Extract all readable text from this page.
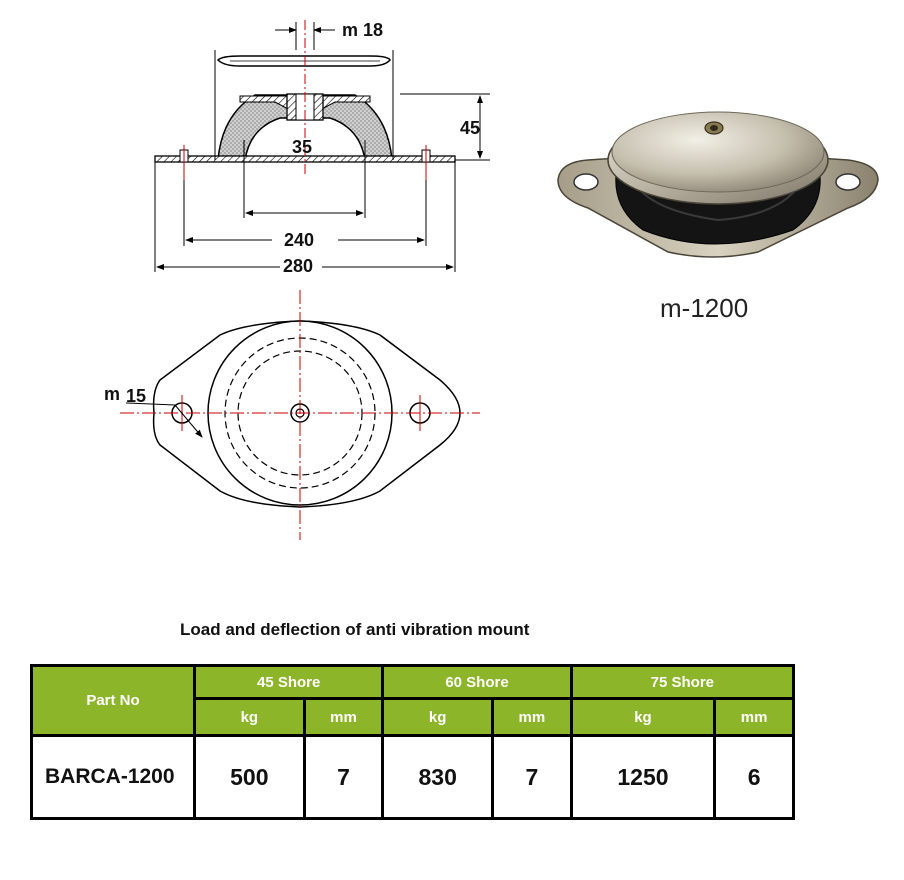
m 18
45
35
240
280
m 15
m-1200
Load and deflection of anti vibration mount
Part No	45 Shore		60 Shore		75 Shore	
	kg	mm	kg	mm	kg	mm
BARCA-1200	500	7	830	7	1250	6
